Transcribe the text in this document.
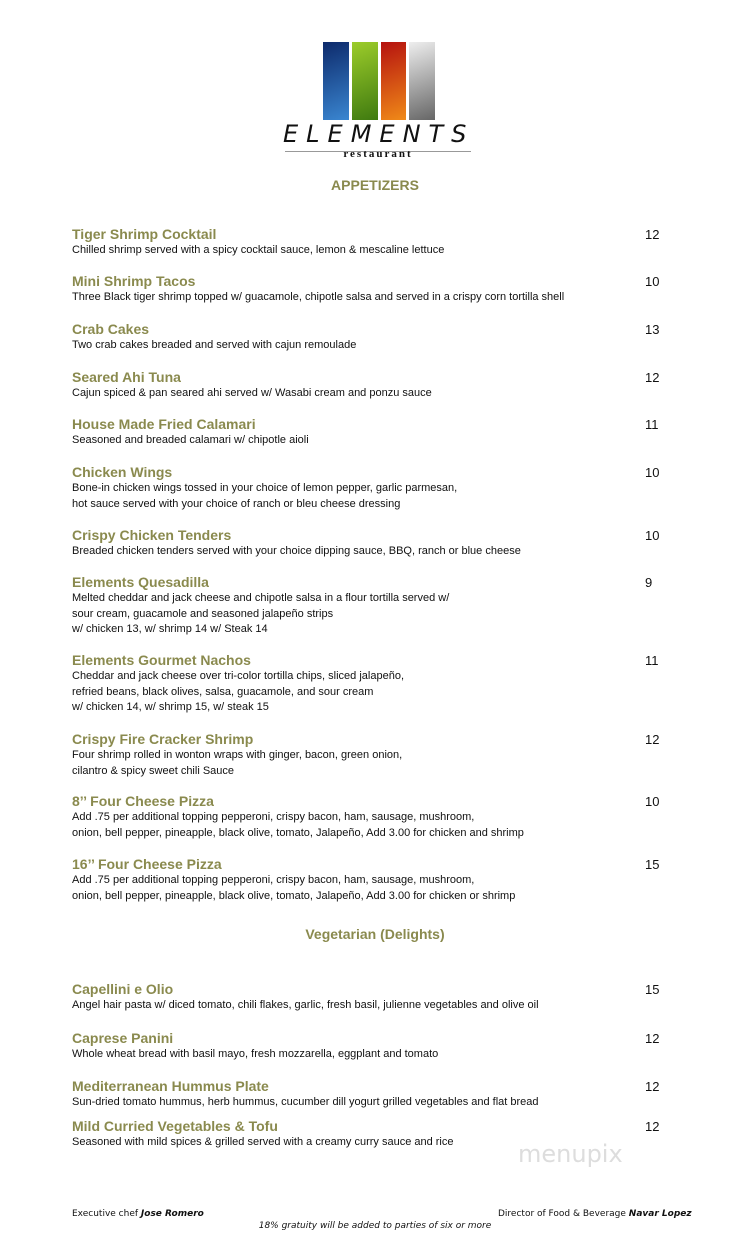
ELEMENTS
restaurant
APPETIZERS
Tiger Shrimp Cocktail	12
Chilled shrimp served with a spicy cocktail sauce, lemon & mescaline lettuce
Mini Shrimp Tacos	10
Three Black tiger shrimp topped w/ guacamole, chipotle salsa and served in a crispy corn tortilla shell
Crab Cakes	13
Two crab cakes breaded and served with cajun remoulade
Seared Ahi Tuna	12
Cajun spiced & pan seared ahi served w/ Wasabi cream and ponzu sauce
House Made Fried Calamari	11
Seasoned and breaded calamari w/ chipotle aioli
Chicken Wings	10
Bone-in chicken wings tossed in your choice of lemon pepper, garlic parmesan,
hot sauce served with your choice of ranch or bleu cheese dressing
Crispy Chicken Tenders	10
Breaded chicken tenders served with your choice dipping sauce, BBQ, ranch or blue cheese
Elements Quesadilla	9
Melted cheddar and jack cheese and chipotle salsa in a flour tortilla served w/
sour cream, guacamole and seasoned jalapeño strips
w/ chicken 13, w/ shrimp 14 w/ Steak 14
Elements Gourmet Nachos	11
Cheddar and jack cheese over tri-color tortilla chips, sliced jalapeño,
refried beans, black olives, salsa, guacamole, and sour cream
w/ chicken 14, w/ shrimp 15, w/ steak 15
Crispy Fire Cracker Shrimp	12
Four shrimp rolled in wonton wraps with ginger, bacon, green onion,
cilantro & spicy sweet chili Sauce
8’’ Four Cheese Pizza	10
Add .75 per additional topping pepperoni, crispy bacon, ham, sausage, mushroom,
onion, bell pepper, pineapple, black olive, tomato, Jalapeño, Add 3.00 for chicken and shrimp
16’’ Four Cheese Pizza	15
Add .75 per additional topping pepperoni, crispy bacon, ham, sausage, mushroom,
onion, bell pepper, pineapple, black olive, tomato, Jalapeño, Add 3.00 for chicken or shrimp
Vegetarian (Delights)
Capellini e Olio	15
Angel hair pasta w/ diced tomato, chili flakes, garlic, fresh basil, julienne vegetables and olive oil
Caprese Panini	12
Whole wheat bread with basil mayo, fresh mozzarella, eggplant and tomato
Mediterranean Hummus Plate	12
Sun-dried tomato hummus, herb hummus, cucumber dill yogurt grilled vegetables and flat bread
Mild Curried Vegetables & Tofu	12
Seasoned with mild spices & grilled served with a creamy curry sauce and rice
Executive chef Jose Romero	Director of Food & Beverage Navar Lopez
18% gratuity will be added to parties of six or more
menupix
